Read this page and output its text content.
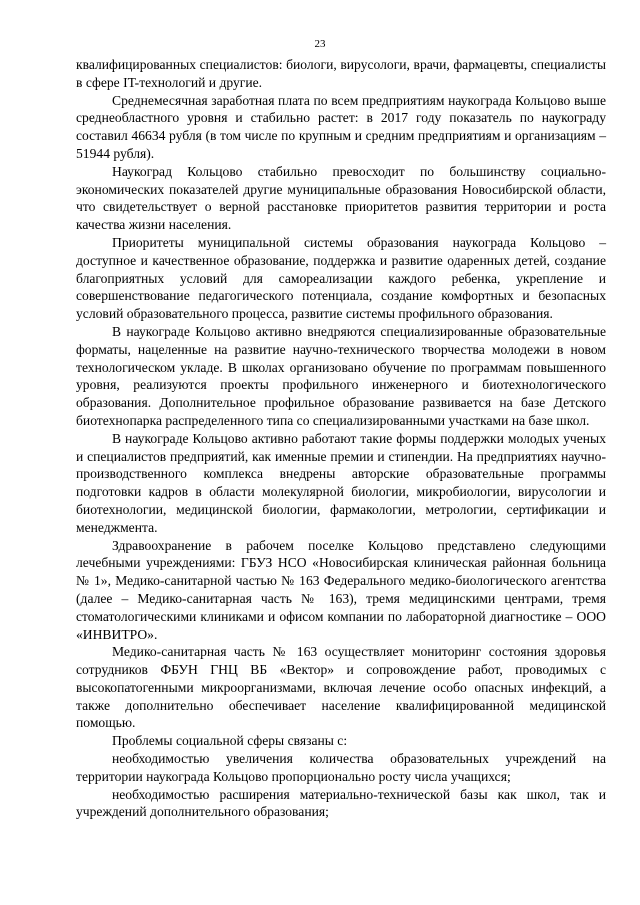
23

квалифицированных специалистов: биологи, вирусологи, врачи, фармацевты, специалисты в сфере IT-технологий и другие.

Среднемесячная заработная плата по всем предприятиям наукограда Кольцово выше среднеобластного уровня и стабильно растет: в 2017 году показатель по наукограду составил 46634 рубля (в том числе по крупным и средним предприятиям и организациям – 51944 рубля).

Наукоград Кольцово стабильно превосходит по большинству социально-экономических показателей другие муниципальные образования Новосибирской области, что свидетельствует о верной расстановке приоритетов развития территории и роста качества жизни населения.

Приоритеты муниципальной системы образования наукограда Кольцово – доступное и качественное образование, поддержка и развитие одаренных детей, создание благоприятных условий для самореализации каждого ребенка, укрепление и совершенствование педагогического потенциала, создание комфортных и безопасных условий образовательного процесса, развитие системы профильного образования.

В наукограде Кольцово активно внедряются специализированные образовательные форматы, нацеленные на развитие научно-технического творчества молодежи в новом технологическом укладе. В школах организовано обучение по программам повышенного уровня, реализуются проекты профильного инженерного и биотехнологического образования. Дополнительное профильное образование развивается на базе Детского биотехнопарка распределенного типа со специализированными участками на базе школ.

В наукограде Кольцово активно работают такие формы поддержки молодых ученых и специалистов предприятий, как именные премии и стипендии. На предприятиях научно-производственного комплекса внедрены авторские образовательные программы подготовки кадров в области молекулярной биологии, микробиологии, вирусологии и биотехнологии, медицинской биологии, фармакологии, метрологии, сертификации и менеджмента.

Здравоохранение в рабочем поселке Кольцово представлено следующими лечебными учреждениями: ГБУЗ НСО «Новосибирская клиническая районная больница № 1», Медико-санитарной частью № 163 Федерального медико-биологического агентства (далее – Медико-санитарная часть № 163), тремя медицинскими центрами, тремя стоматологическими клиниками и офисом компании по лабораторной диагностике – ООО «ИНВИТРО».

Медико-санитарная часть № 163 осуществляет мониторинг состояния здоровья сотрудников ФБУН ГНЦ ВБ «Вектор» и сопровождение работ, проводимых с высокопатогенными микроорганизмами, включая лечение особо опасных инфекций, а также дополнительно обеспечивает население квалифицированной медицинской помощью.

Проблемы социальной сферы связаны с:

необходимостью увеличения количества образовательных учреждений на территории наукограда Кольцово пропорционально росту числа учащихся;

необходимостью расширения материально-технической базы как школ, так и учреждений дополнительного образования;
